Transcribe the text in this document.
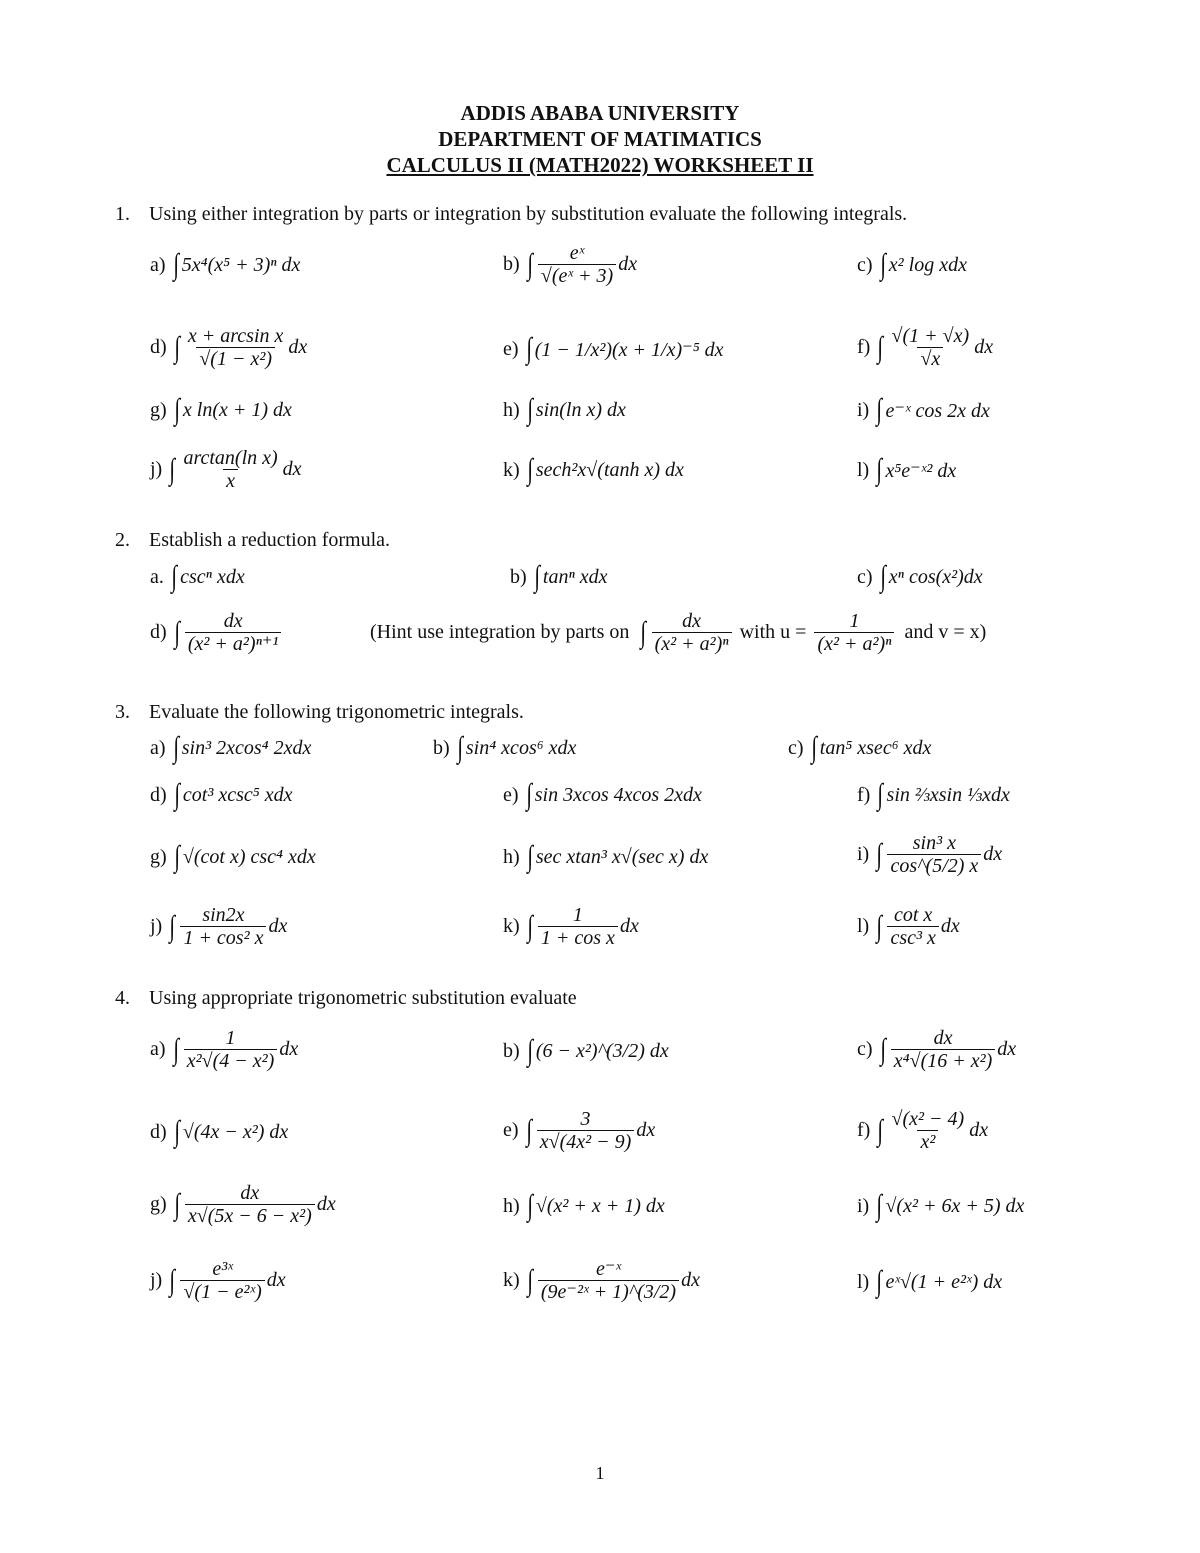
ADDIS ABABA UNIVERSITY
DEPARTMENT OF MATIMATICS
CALCULUS II (MATH2022) WORKSHEET II
1. Using either integration by parts or integration by substitution evaluate the following integrals.
a) ∫ 5x⁴(x⁵ + 3)ⁿ dx	b) ∫ $\frac{\text{eˣ}}{\text{√(eˣ + 3)}}$ dx	c) ∫ x² log xdx
d) ∫ $\frac{\text{x + arcsin x}}{\text{√(1 − x²)}}$ dx	e) ∫ (1 − 1/x²)(x + 1/x)⁻⁵ dx	f) ∫ $\frac{√(1 + √x)}{√x}$ dx
g) ∫ x ln(x + 1) dx	h) ∫ sin(ln x) dx	i) ∫ e⁻ˣ cos 2x dx
j) ∫ $\frac{\text{arctan(ln x)}}{x}$ dx	k) ∫ sech²x√(tanh x) dx	l) ∫ x⁵e⁻ˣ² dx
2. Establish a reduction formula.
a. ∫ cscⁿ xdx	b) ∫ tanⁿ xdx	c) ∫ xⁿ cos(x²)dx
d) ∫ $\frac{dx}{\text{(x² + a²)ⁿ⁺¹}}$	(Hint use integration by parts on ∫ $\frac{dx}{\text{(x² + a²)ⁿ}}$ with $u = \frac{1}{\text{(x² + a²)ⁿ}}$ and v = x)
3. Evaluate the following trigonometric integrals.
a) ∫ sin³ 2xcos⁴ 2xdx	b) ∫ sin⁴ xcos⁶ xdx	c) ∫ tan⁵ xsec⁶ xdx
d) ∫ cot³ xcsc⁵ xdx	e) ∫ sin 3xcos 4xcos 2xdx	f) ∫ sin ⅔xsin ⅓xdx
g) ∫ √(cot x) csc⁴ xdx	h) ∫ sec xtan³ x√(sec x) dx	i) ∫ $\frac{\text{sin³ x}}{\cos\^{}(5/2) x}$ dx
j) ∫ $\frac{\sin 2x}{\text{1 + cos² x}}$ dx	k) ∫ $\frac{1}{\text{1 + cos x}}$ dx	l) ∫ $\frac{\text{cot x}}{\text{csc³ x}}$ dx
4. Using appropriate trigonometric substitution evaluate
a) ∫ $\frac{1}{\text{x²√(4 − x²)}}$ dx	b) ∫ (6 − x²)^(3/2) dx	c) ∫ $\frac{dx}{\text{x⁴√(16 + x²)}}$ dx
d) ∫ √(4x − x²) dx	e) ∫ $\frac{3}{\text{x√(4x² − 9)}}$ dx	f) ∫ $\frac{\text{√(x² − 4)}}{\text{x²}}$ dx
g) ∫ $\frac{dx}{\text{x√(5x − 6 − x²)}}$ dx	h) ∫ √(x² + x + 1) dx	i) ∫ √(x² + 6x + 5) dx
j) ∫ $\frac{\text{e³ˣ}}{\text{√(1 − e²ˣ)}}$ dx	k) ∫ $\frac{\text{e⁻ˣ}}{\text{(9e⁻²ˣ + 1)\textasciicircum{}(3/2)}}$ dx	l) ∫ eˣ√(1 + e²ˣ) dx
1
